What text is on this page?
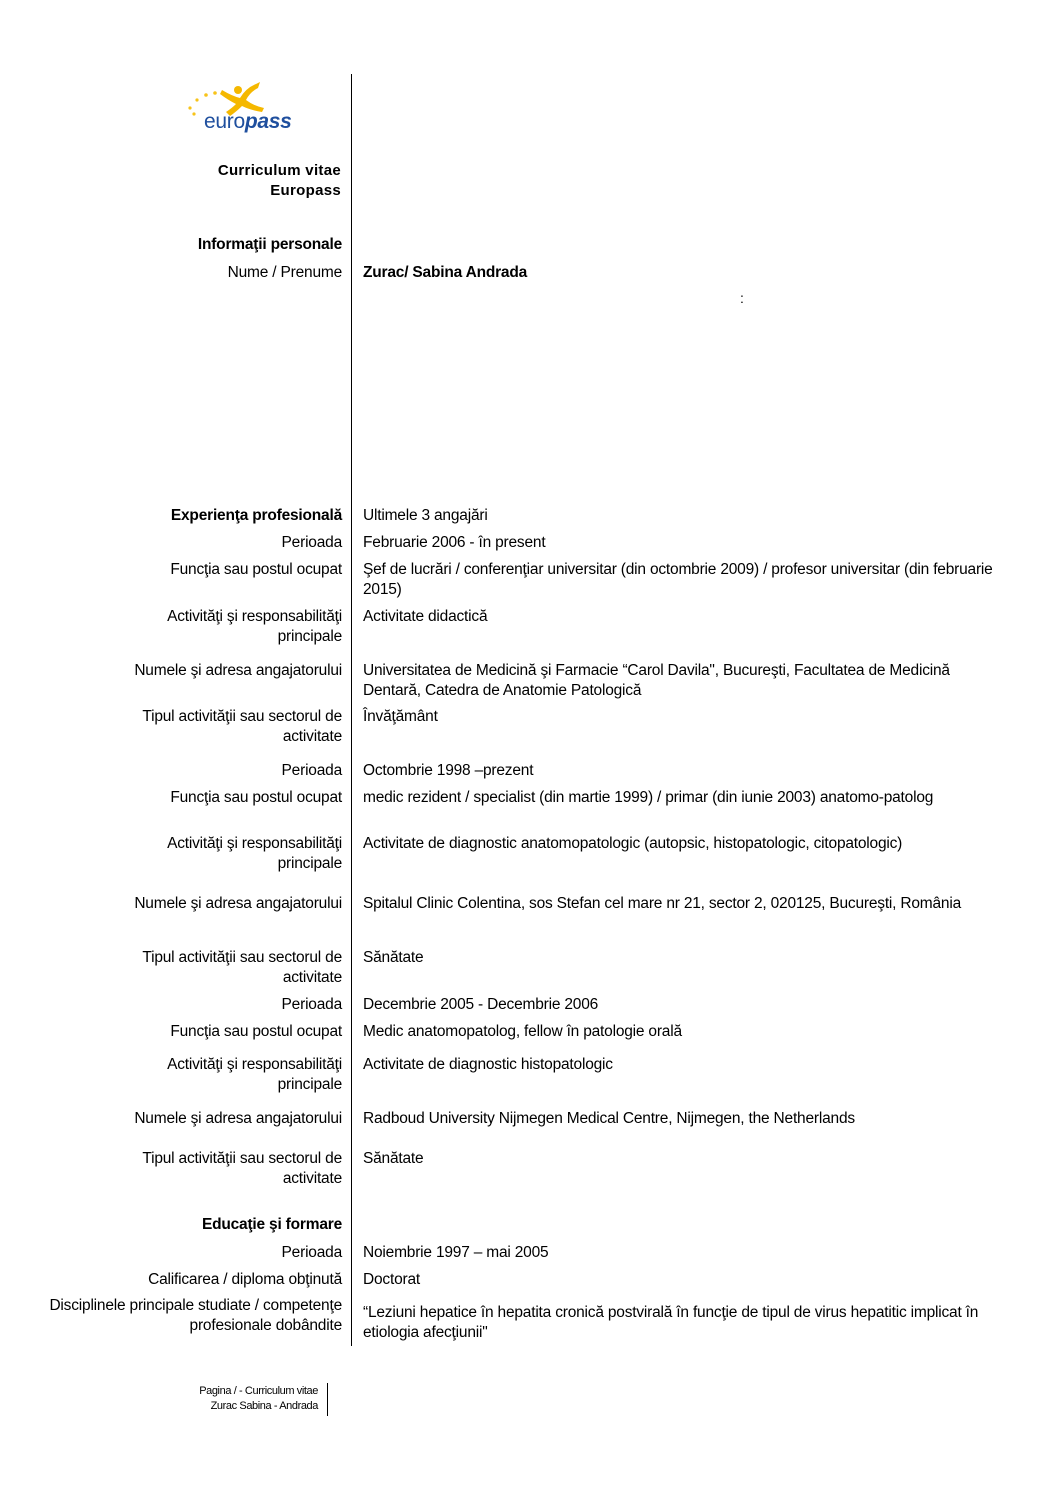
europass
Curriculum vitae
Europass
Informaţii personale
Nume / Prenume Zurac/ Sabina Andrada
:
Experienţa profesională Ultimele 3 angajări
Perioada Februarie 2006 - în present
Funcţia sau postul ocupat Şef de lucrări / conferenţiar universitar (din octombrie 2009) / profesor universitar (din februarie 2015)
Activităţi şi responsabilităţi principale
Activitate didactică
Numele şi adresa angajatorului Universitatea de Medicină şi Farmacie “Carol Davila", Bucureşti, Facultatea de Medicină Dentară, Catedra de Anatomie Patologică
Tipul activităţii sau sectorul de activitate
Învăţământ
Perioada Octombrie 1998 –prezent
Funcţia sau postul ocupat medic rezident / specialist (din martie 1999) / primar (din iunie 2003) anatomo-patolog
Activităţi şi responsabilităţi principale
Activitate de diagnostic anatomopatologic (autopsic, histopatologic, citopatologic)
Numele şi adresa angajatorului Spitalul Clinic Colentina, sos Stefan cel mare nr 21, sector 2, 020125, Bucureşti, România
Tipul activităţii sau sectorul de activitate
Sănătate
Perioada Decembrie 2005 - Decembrie 2006
Funcţia sau postul ocupat Medic anatomopatolog, fellow în patologie orală
Activităţi şi responsabilităţi principale
Activitate de diagnostic histopatologic
Numele şi adresa angajatorului Radboud University Nijmegen Medical Centre, Nijmegen, the Netherlands
Tipul activităţii sau sectorul de activitate
Sănătate
Educaţie şi formare
Perioada Noiembrie 1997 – mai 2005
Calificarea / diploma obţinută Doctorat
Disciplinele principale studiate / competenţe profesionale dobândite
“Leziuni hepatice în hepatita cronică postvirală în funcţie de tipul de virus hepatitic implicat în etiologia afecţiunii"
Pagina / - Curriculum vitae
Zurac Sabina - Andrada
